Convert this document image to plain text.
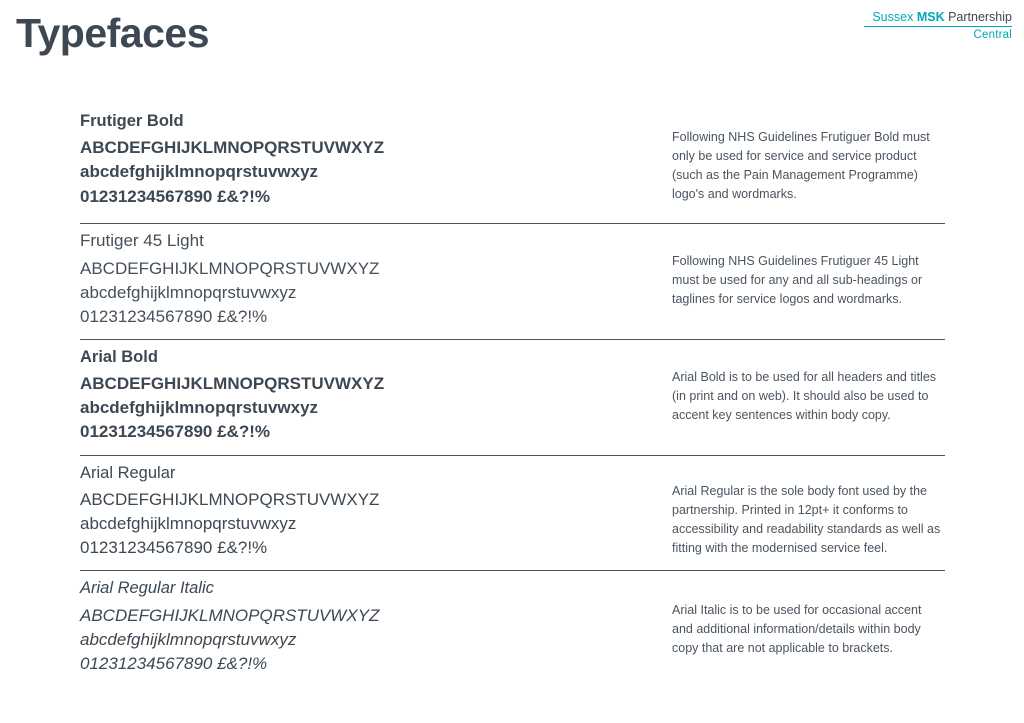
Typefaces	Sussex MSK Partnership
Central
Frutiger Bold
ABCDEFGHIJKLMNOPQRSTUVWXYZ
abcdefghijklmnopqrstuvwxyz
01231234567890 £&?!%

Following NHS Guidelines Frutiguer Bold must only be used for service and service product (such as the Pain Management Programme) logo's and wordmarks.

Frutiger 45 Light
ABCDEFGHIJKLMNOPQRSTUVWXYZ
abcdefghijklmnopqrstuvwxyz
01231234567890 £&?!%

Following NHS Guidelines Frutiguer 45 Light must be used for any and all sub-headings or taglines for service logos and wordmarks.

Arial Bold
ABCDEFGHIJKLMNOPQRSTUVWXYZ
abcdefghijklmnopqrstuvwxyz
01231234567890 £&?!%

Arial Bold is to be used for all headers and titles (in print and on web). It should also be used to accent key sentences within body copy.

Arial Regular
ABCDEFGHIJKLMNOPQRSTUVWXYZ
abcdefghijklmnopqrstuvwxyz
01231234567890 £&?!%

Arial Regular is the sole body font used by the partnership. Printed in 12pt+ it conforms to accessibility and readability standards as well as fitting with the modernised service feel.

Arial Regular Italic
ABCDEFGHIJKLMNOPQRSTUVWXYZ
abcdefghijklmnopqrstuvwxyz
01231234567890 £&?!%

Arial Italic is to be used for occasional accent and additional information/details within body copy that are not applicable to brackets.
